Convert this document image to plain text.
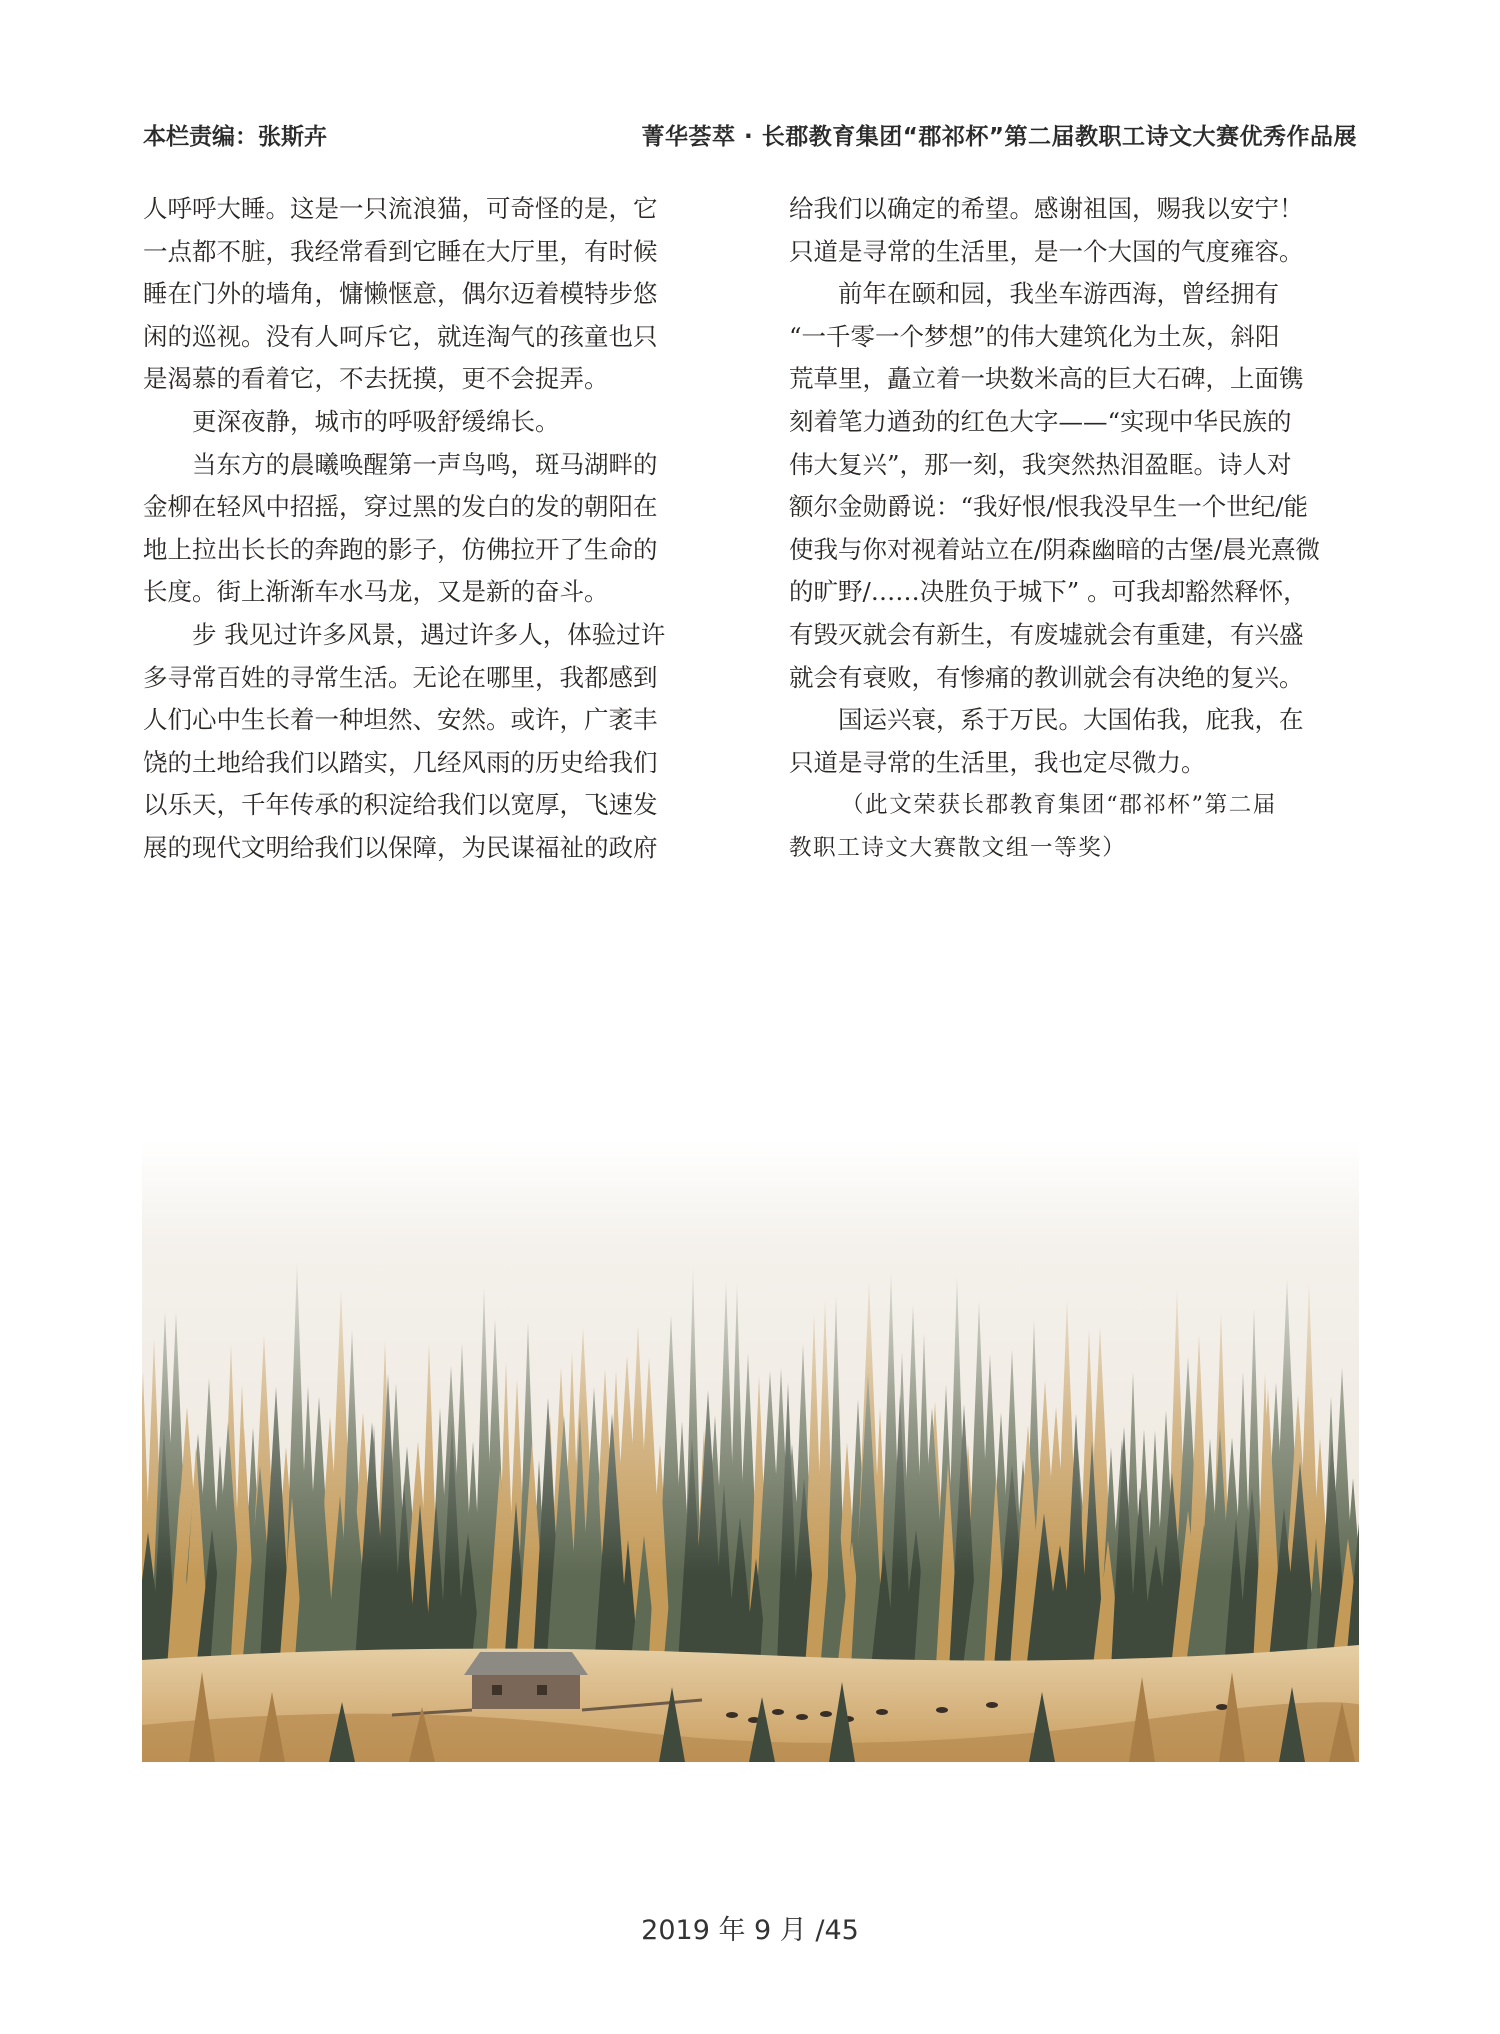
本栏责编：张斯卉	菁华荟萃 · 长郡教育集团“郡祁杯”第二届教职工诗文大赛优秀作品展
人呼呼大睡。这是一只流浪猫，可奇怪的是，它
一点都不脏，我经常看到它睡在大厅里，有时候
睡在门外的墙角，慵懒惬意，偶尔迈着模特步悠
闲的巡视。没有人呵斥它，就连淘气的孩童也只
是渴慕的看着它，不去抚摸，更不会捉弄。
更深夜静，城市的呼吸舒缓绵长。
当东方的晨曦唤醒第一声鸟鸣，斑马湖畔的
金柳在轻风中招摇，穿过黑的发白的发的朝阳在
地上拉出长长的奔跑的影子，仿佛拉开了生命的
长度。街上渐渐车水马龙，又是新的奋斗。
步 我见过许多风景，遇过许多人，体验过许
多寻常百姓的寻常生活。无论在哪里，我都感到
人们心中生长着一种坦然、安然。或许，广袤丰
饶的土地给我们以踏实，几经风雨的历史给我们
以乐天，千年传承的积淀给我们以宽厚，飞速发
展的现代文明给我们以保障，为民谋福祉的政府
给我们以确定的希望。感谢祖国，赐我以安宁！
只道是寻常的生活里，是一个大国的气度雍容。
前年在颐和园，我坐车游西海，曾经拥有
“一千零一个梦想”的伟大建筑化为土灰，斜阳
荒草里，矗立着一块数米高的巨大石碑，上面镌
刻着笔力遒劲的红色大字——“实现中华民族的
伟大复兴”，那一刻，我突然热泪盈眶。诗人对
额尔金勋爵说：“我好恨/恨我没早生一个世纪/能
使我与你对视着站立在/阴森幽暗的古堡/晨光熹微
的旷野/……决胜负于城下” 。可我却豁然释怀，
有毁灭就会有新生，有废墟就会有重建，有兴盛
就会有衰败，有惨痛的教训就会有决绝的复兴。
国运兴衰，系于万民。大国佑我，庇我，在
只道是寻常的生活里，我也定尽微力。
（此文荣获长郡教育集团“郡祁杯”第二届
教职工诗文大赛散文组一等奖）
2019 年 9 月 /45
